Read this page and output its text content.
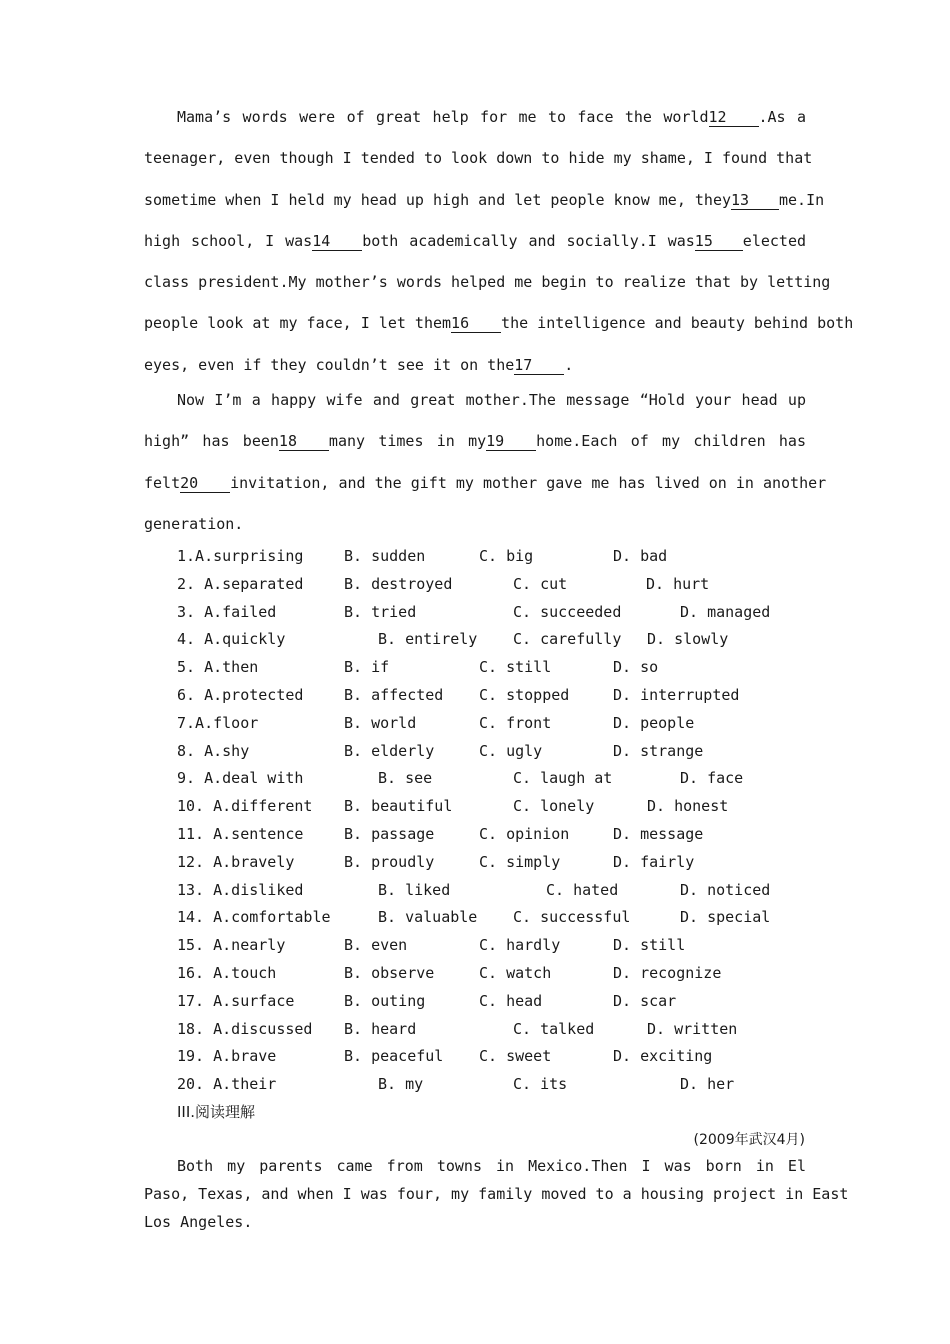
Mama’s words were of great help for me to face the world12 .As a
teenager, even though I tended to look down to hide my shame, I found that
sometime when I held my head up high and let people know me, they13 me.In
high school, I was14 both academically and socially.I was15 elected
class president.My mother’s words helped me begin to realize that by letting
people look at my face, I let them16 the intelligence and beauty behind both
eyes, even if they couldn’t see it on the17 .
Now I’m a happy wife and great mother.The message “Hold your head up
high” has been18 many times in my19 home.Each of my children has
felt20 invitation, and the gift my mother gave me has lived on in another
generation.
1.A.surprising	B. sudden	C. big	D. bad
2. A.separated	B. destroyed	C. cut	D. hurt
3. A.failed	B. tried	C. succeeded	D. managed
4. A.quickly	B. entirely C. carefully D. slowly
5. A.then	B. if	C. still	D. so
6. A.protected	B. affected C. stopped	D. interrupted
7.A.floor	B. world	C. front	D. people
8. A.shy	B. elderly	C. ugly	D. strange
9. A.deal with	B. see	C. laugh at	D. face
10. A.different B. beautiful	C. lonely	D. honest
11. A.sentence	B. passage	C. opinion	D. message
12. A.bravely	B. proudly	C. simply	D. fairly
13. A.disliked	B. liked	C. hated	D. noticed
14. A.comfortable	B. valuable C. successful	D. special
15. A.nearly	B. even	C. hardly	D. still
16. A.touch	B. observe	C. watch	D. recognize
17. A.surface	B. outing	C. head	D. scar
18. A.discussed B. heard	C. talked	D. written
19. A.brave	B. peaceful C. sweet	D. exciting
20. A.their	B. my	C. its	D. her
III.阅读理解
(2009年武汉4月)
Both my parents came from towns in Mexico.Then I was born in El
Paso, Texas, and when I was four, my family moved to a housing project in East
Los Angeles.
